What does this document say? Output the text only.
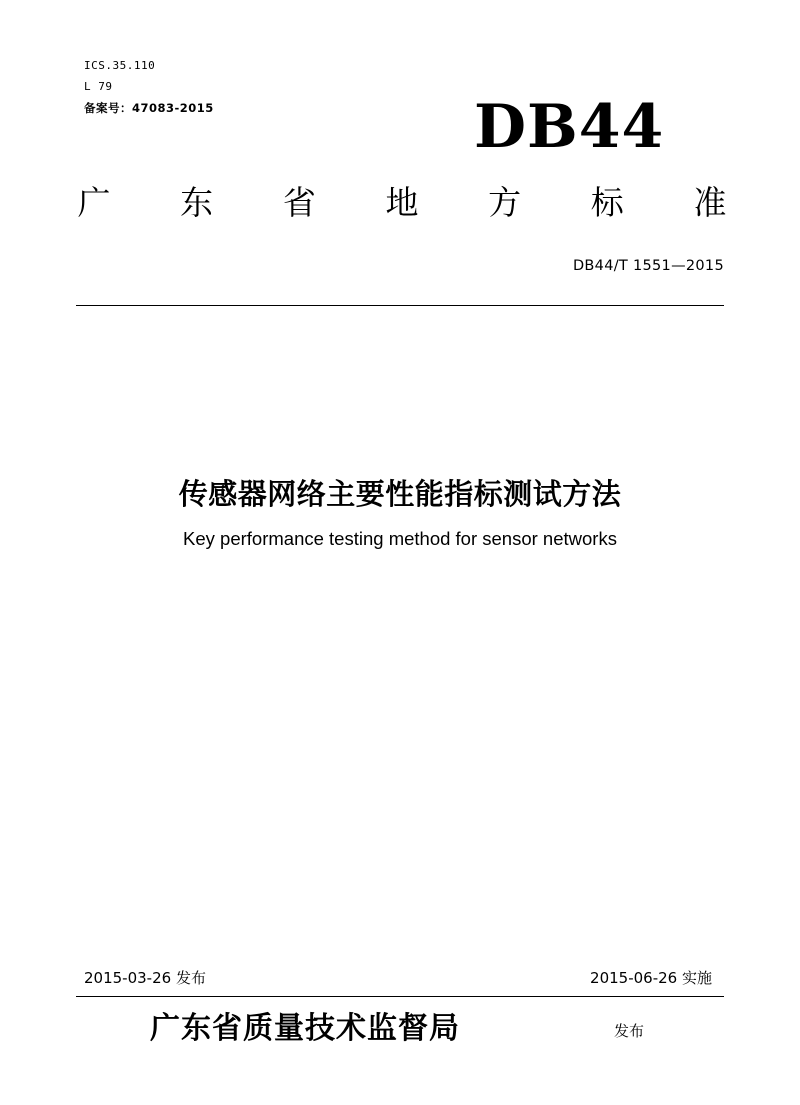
ICS.35.110
L 79
备案号：47083-2015	DB44
广 东 省 地 方 标 准
DB44/T 1551—2015
传感器网络主要性能指标测试方法
Key performance testing method for sensor networks
2015-03-26 发布	2015-06-26 实施
广东省质量技术监督局	发布
